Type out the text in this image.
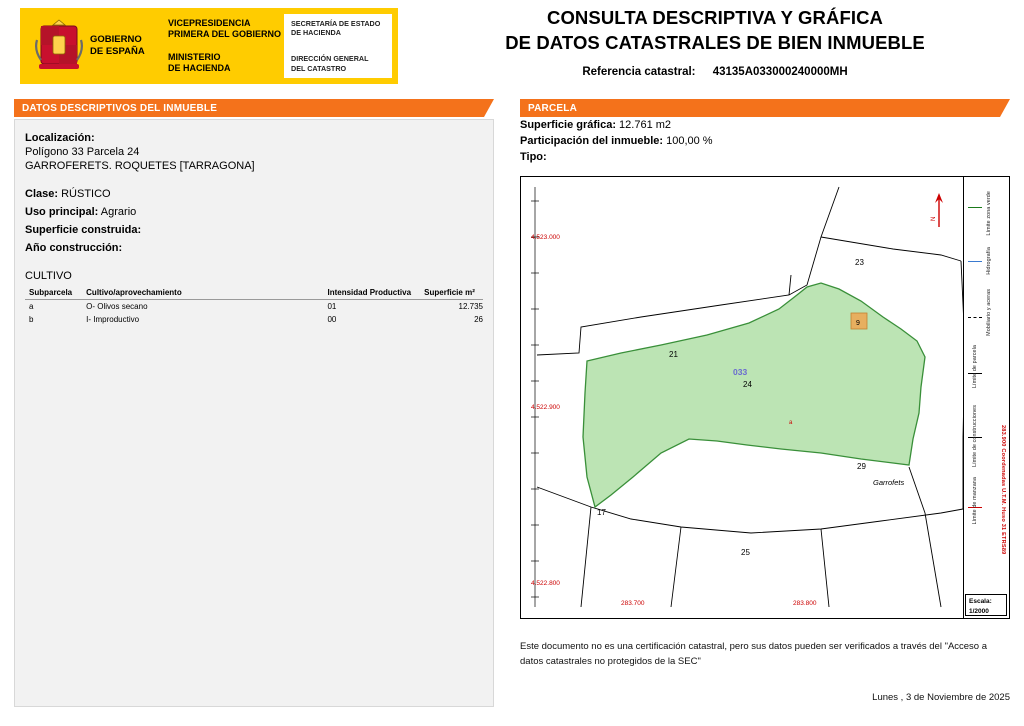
GOBIERNO
DE ESPAÑA
VICEPRESIDENCIA
PRIMERA DEL GOBIERNO
MINISTERIO
DE HACIENDA
SECRETARÍA DE ESTADO
DE HACIENDA
DIRECCIÓN GENERAL
DEL CATASTRO
CONSULTA DESCRIPTIVA Y GRÁFICA
DE DATOS CATASTRALES DE BIEN INMUEBLE
Referencia catastral: 43135A033000240000MH
DATOS DESCRIPTIVOS DEL INMUEBLE	PARCELA
Localización:
Polígono 33 Parcela 24
GARROFERETS. ROQUETES [TARRAGONA]
Clase: RÚSTICO
Uso principal: Agrario
Superficie construida:
Año construcción:
CULTIVO
Subparcela	Cultivo/aprovechamiento	Intensidad Productiva	Superficie m²
a	O- Olivos secano	01	12.735
b	I- Improductivo	00	26
Superficie gráfica: 12.761 m2
Participación del inmueble: 100,00 %
Tipo:
23
21
9
29
Garrofets
17
25
24
a
033
4.523.000
4.522.900
4.522.800
283.700	283.800
N	Límite zona verde
Hidrografía
Mobiliario y aceras
Límite de parcela
Límite de construcciones
Límite de manzana	283.900 Coordenadas U.T.M. Huso 31 ETRS89
Escala:
1/2000
Este documento no es una certificación catastral, pero sus datos pueden ser verificados a través del "Acceso a datos catastrales no protegidos de la SEC"
Lunes , 3 de Noviembre de 2025
